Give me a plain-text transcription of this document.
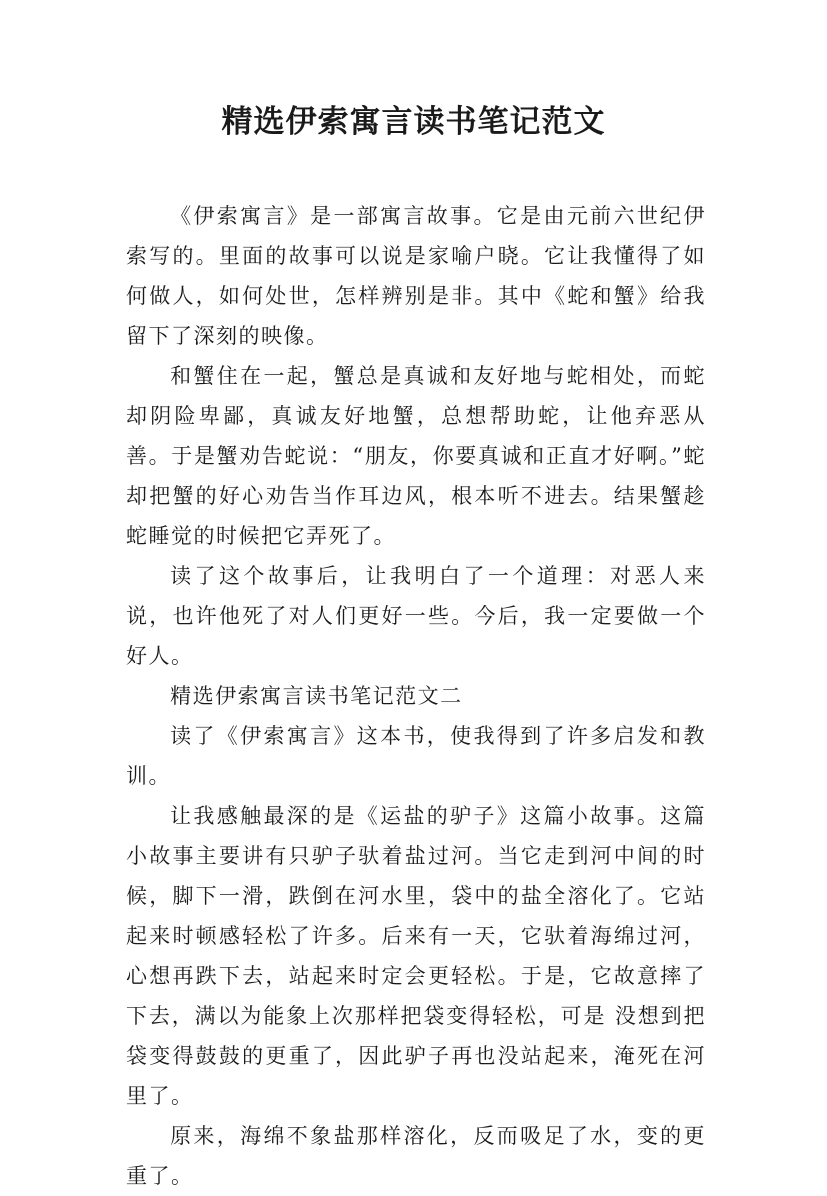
精选伊索寓言读书笔记范文

《伊索寓言》是一部寓言故事。它是由元前六世纪伊索写的。里面的故事可以说是家喻户晓。它让我懂得了如何做人，如何处世，怎样辨别是非。其中《蛇和蟹》给我留下了深刻的映像。

和蟹住在一起，蟹总是真诚和友好地与蛇相处，而蛇却阴险卑鄙，真诚友好地蟹，总想帮助蛇，让他弃恶从善。于是蟹劝告蛇说：“朋友，你要真诚和正直才好啊。”蛇却把蟹的好心劝告当作耳边风，根本听不进去。结果蟹趁蛇睡觉的时候把它弄死了。

读了这个故事后，让我明白了一个道理：对恶人来说，也许他死了对人们更好一些。今后，我一定要做一个好人。

精选伊索寓言读书笔记范文二

读了《伊索寓言》这本书，使我得到了许多启发和教训。

让我感触最深的是《运盐的驴子》这篇小故事。这篇小故事主要讲有只驴子驮着盐过河。当它走到河中间的时候，脚下一滑，跌倒在河水里，袋中的盐全溶化了。它站起来时顿感轻松了许多。后来有一天，它驮着海绵过河，心想再跌下去，站起来时定会更轻松。于是，它故意摔了下去，满以为能象上次那样把袋变得轻松，可是 没想到把袋变得鼓鼓的更重了，因此驴子再也没站起来，淹死在河里了。

原来，海绵不象盐那样溶化，反而吸足了水，变的更重了。
